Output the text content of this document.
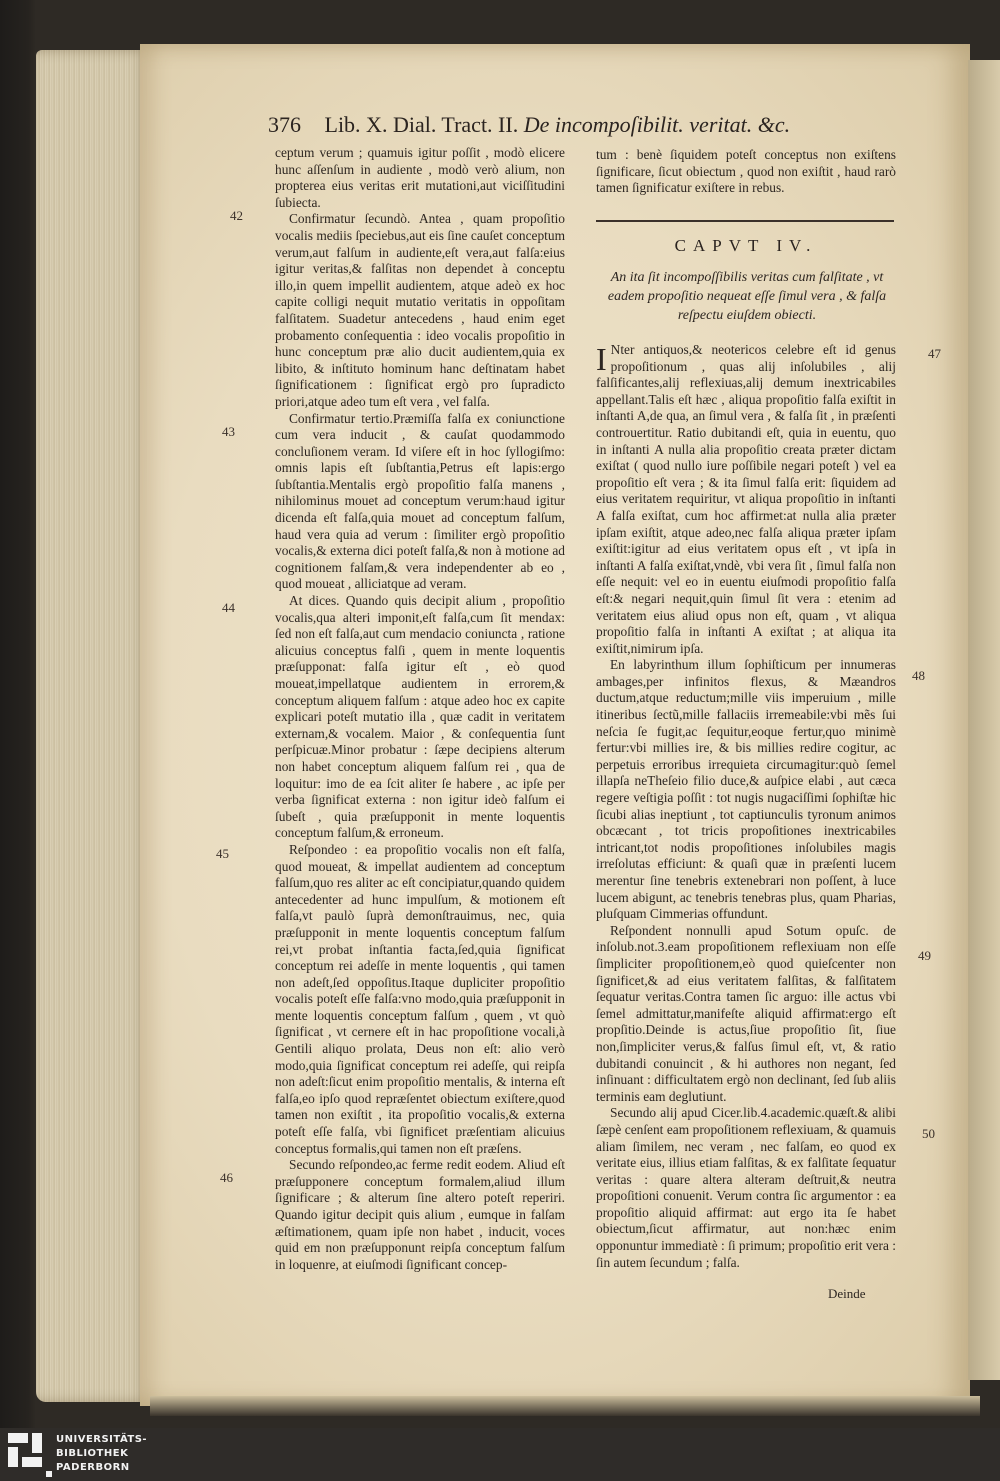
376 Lib. X. Dial. Tract. II. De incompoſibilit. veritat. &c.
42
43
44
45
46

ceptum verum ; quamuis igitur poſſit , modò elicere hunc aſſenſum in audiente , modò verò alium, non propterea eius veritas erit mutationi,aut viciſſitudini ſubiecta.

Confirmatur ſecundò. Antea , quam propoſitio vocalis mediis ſpeciebus,aut eis ſine cauſet conceptum verum,aut falſum in audiente,eſt vera,aut falſa:eius igitur veritas,& falſitas non dependet à conceptu illo,in quem impellit audientem, atque adeò ex hoc capite colligi nequit mutatio veritatis in oppoſitam falſitatem. Suadetur antecedens , haud enim eget probamento conſequentia : ideo vocalis propoſitio in hunc conceptum præ alio ducit audientem,quia ex libito, & inſtituto hominum hanc deſtinatam habet ſignificationem : ſignificat ergò pro ſupradicto priori,atque adeo tum eſt vera , vel falſa.

Confirmatur tertio.Præmiſſa falſa ex coniunctione cum vera inducit , & cauſat quodammodo concluſionem veram. Id viſere eſt in hoc ſyllogiſmo: omnis lapis eſt ſubſtantia,Petrus eſt lapis:ergo ſubſtantia.Mentalis ergò propoſitio falſa manens , nihilominus mouet ad conceptum verum:haud igitur dicenda eſt falſa,quia mouet ad conceptum falſum, haud vera quia ad verum : ſimiliter ergò propoſitio vocalis,& externa dici poteſt falſa,& non à motione ad cognitionem falſam,& vera independenter ab eo , quod moueat , alliciatque ad veram.

At dices. Quando quis decipit alium , propoſitio vocalis,qua alteri imponit,eſt falſa,cum ſit mendax: ſed non eſt falſa,aut cum mendacio coniuncta , ratione alicuius conceptus falſi , quem in mente loquentis præſupponat: falſa igitur eſt , eò quod moueat,impellatque audientem in errorem,& conceptum aliquem falſum : atque adeo hoc ex capite explicari poteſt mutatio illa , quæ cadit in veritatem externam,& vocalem. Maior , & conſequentia ſunt perſpicuæ.Minor probatur : ſæpe decipiens alterum non habet conceptum aliquem falſum rei , qua de loquitur: imo de ea ſcit aliter ſe habere , ac ipſe per verba ſignificat externa : non igitur ideò falſum ei ſubeſt , quia præſupponit in mente loquentis conceptum falſum,& erroneum.

Reſpondeo : ea propoſitio vocalis non eſt falſa, quod moueat, & impellat audientem ad conceptum falſum,quo res aliter ac eſt concipiatur,quando quidem antecedenter ad hunc impulſum, & motionem eſt falſa,vt paulò ſuprà demonſtrauimus, nec, quia præſupponit in mente loquentis conceptum falſum rei,vt probat inſtantia facta,ſed,quia ſignificat conceptum rei adeſſe in mente loquentis , qui tamen non adeſt,ſed oppoſitus.Itaque dupliciter propoſitio vocalis poteſt eſſe falſa:vno modo,quia præſupponit in mente loquentis conceptum falſum , quem , vt quò ſignificat , vt cernere eſt in hac propoſitione vocali,à Gentili aliquo prolata, Deus non eſt: alio verò modo,quia ſignificat conceptum rei adeſſe, qui reipſa non adeſt:ſicut enim propoſitio mentalis, & interna eſt falſa,eo ipſo quod repræſentet obiectum exiſtere,quod tamen non exiſtit , ita propoſitio vocalis,& externa poteſt eſſe falſa, vbi ſignificet præſentiam alicuius conceptus formalis,qui tamen non eſt præſens.

Secundo reſpondeo,ac ferme redit eodem. Aliud eſt præſupponere conceptum formalem,aliud illum ſignificare ; & alterum ſine altero poteſt reperiri. Quando igitur decipit quis alium , eumque in falſam æſtimationem, quam ipſe non habet , inducit, voces quid em non præſupponunt reipſa conceptum falſum in loquenre, at eiuſmodi ſignificant concep-

tum : benè ſiquidem poteſt conceptus non exiſtens ſignificare, ſicut obiectum , quod non exiſtit , haud rarò tamen ſignificatur exiſtere in rebus.

CAPVT IV.
An ita ſit incompoſſibilis veritas cum falſitate , vt eadem propoſitio nequeat eſſe ſimul vera , & falſa reſpectu eiuſdem obiecti.
47
48
49
50

I Nter antiquos,& neotericos celebre eſt id genus propoſitionum , quas alij inſolubiles , alij falſificantes,alij reflexiuas,alij demum inextricabiles appellant.Talis eſt hæc , aliqua propoſitio falſa exiſtit in inſtanti A,de qua, an ſimul vera , & falſa ſit , in præſenti controuertitur. Ratio dubitandi eſt, quia in euentu, quo in inſtanti A nulla alia propoſitio creata præter dictam exiſtat ( quod nullo iure poſſibile negari poteſt ) vel ea propoſitio eſt vera ; & ita ſimul falſa erit: ſiquidem ad eius veritatem requiritur, vt aliqua propoſitio in inſtanti A falſa exiſtat, cum hoc affirmet:at nulla alia præter ipſam exiſtit, atque adeo,nec falſa aliqua præter ipſam exiſtit:igitur ad eius veritatem opus eſt , vt ipſa in inſtanti A falſa exiſtat,vndè, vbi vera ſit , ſimul falſa non eſſe nequit: vel eo in euentu eiuſmodi propoſitio falſa eſt:& negari nequit,quin ſimul ſit vera : etenim ad veritatem eius aliud opus non eſt, quam , vt aliqua propoſitio falſa in inſtanti A exiſtat ; at aliqua ita exiſtit,nimirum ipſa.

En labyrinthum illum ſophiſticum per innumeras ambages,per infinitos flexus, & Mæandros ductum,atque reductum;mille viis imperuium , mille itineribus ſectũ,mille fallaciis irremeabile:vbi mẽs ſui neſcia ſe fugit,ac ſequitur,eoque fertur,quo minimè fertur:vbi millies ire, & bis millies redire cogitur, ac perpetuis erroribus irrequieta circumagitur:quò ſemel illapſa neTheſeio filio duce,& auſpice elabi , aut cæca regere veſtigia poſſit : tot nugis nugaciſſimi ſophiſtæ hic ſicubi alias ineptiunt , tot captiunculis tyronum animos obcæcant , tot tricis propoſitiones inextricabiles intricant,tot nodis propoſitiones inſolubiles magis irreſolutas efficiunt: & quaſi quæ in præſenti lucem merentur ſine tenebris extenebrari non poſſent, à luce lucem abigunt, ac tenebris tenebras plus, quam Pharias, pluſquam Cimmerias offundunt.

Reſpondent nonnulli apud Sotum opuſc. de inſolub.not.3.eam propoſitionem reflexiuam non eſſe ſimpliciter propoſitionem,eò quod quieſcenter non ſignificet,& ad eius veritatem falſitas, & falſitatem ſequatur veritas.Contra tamen ſic arguo: ille actus vbi ſemel admittatur,manifeſte aliquid affirmat:ergo eſt propſitio.Deinde is actus,ſiue propoſitio ſit, ſiue non,ſimpliciter verus,& falſus ſimul eſt, vt, & ratio dubitandi conuincit , & hi authores non negant, ſed inſinuant : difficultatem ergò non declinant, ſed ſub aliis terminis eam deglutiunt.

Secundo alij apud Cicer.lib.4.academic.quæſt.& alibi ſæpè cenſent eam propoſitionem reflexiuam, & quamuis aliam ſimilem, nec veram , nec falſam, eo quod ex veritate eius, illius etiam falſitas, & ex falſitate ſequatur veritas : quare altera alteram deſtruit,& neutra propoſitioni conuenit. Verum contra ſic argumentor : ea propoſitio aliquid affirmat: aut ergo ita ſe habet obiectum,ſicut affirmatur, aut non:hæc enim opponuntur immediatè : ſi primum; propoſitio erit vera : ſin autem ſecundum ; falſa.

Deinde
UNIVERSITÄTS-
BIBLIOTHEK
PADERBORN
